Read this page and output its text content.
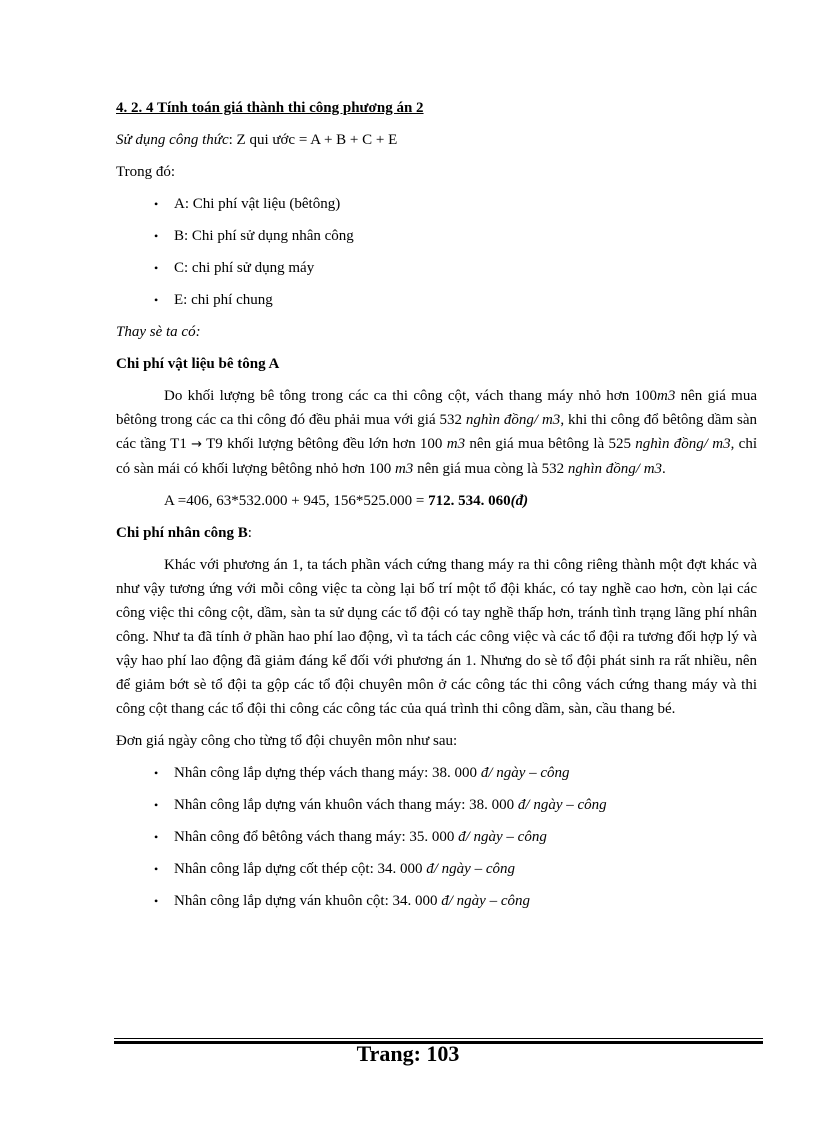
4. 2. 4 Tính toán giá thành thi công phương án 2

Sử dụng công thức: Z qui ước = A + B + C + E

Trong đó:

• A: Chi phí vật liệu (bêtông)
• B: Chi phí sử dụng nhân công
• C: chi phí sử dụng máy
• E: chi phí chung

Thay sè ta có:

Chi phí vật liệu bê tông A

Do khối lượng bê tông trong các ca thi công cột, vách thang máy nhỏ hơn 100m3 nên giá mua bêtông trong các ca thi công đó đều phải mua với giá 532 nghìn đồng/ m3, khi thi công đổ bêtông dầm sàn các tầng T1 → T9 khối lượng bêtông đều lớn hơn 100 m3 nên giá mua bêtông là 525 nghìn đồng/ m3, chỉ có sàn mái có khối lượng bêtông nhỏ hơn 100 m3 nên giá mua còng là 532 nghìn đồng/ m3.

A =406, 63*532.000 + 945, 156*525.000 = 712. 534. 060(đ)

Chi phí nhân công B:

Khác với phương án 1, ta tách phần vách cứng thang máy ra thi công riêng thành một đợt khác và như vậy tương ứng với mỗi công việc ta còng lại bố trí một tổ đội khác, có tay nghề cao hơn, còn lại các công việc thi công cột, dầm, sàn ta sử dụng các tổ đội có tay nghề thấp hơn, tránh tình trạng lãng phí nhân công. Như ta đã tính ở phần hao phí lao động, vì ta tách các công việc và các tổ đội ra tương đối hợp lý và vậy hao phí lao động đã giảm đáng kể đối với phương án 1. Nhưng do sè tổ đội phát sinh ra rất nhiều, nên để giảm bớt sè tổ đội ta gộp các tổ đội chuyên môn ở các công tác thi công vách cứng thang máy và thi công cột thang các tổ đội thi công các công tác của quá trình thi công dầm, sàn, cầu thang bé.

Đơn giá ngày công cho từng tổ đội chuyên môn như sau:

• Nhân công lắp dựng thép vách thang máy: 38. 000 đ/ ngày – công
• Nhân công lắp dựng ván khuôn vách thang máy: 38. 000 đ/ ngày – công
• Nhân công đổ bêtông vách thang máy: 35. 000 đ/ ngày – công
• Nhân công lắp dựng cốt thép cột: 34. 000 đ/ ngày – công
• Nhân công lắp dựng ván khuôn cột: 34. 000 đ/ ngày – công
Trang: 103
